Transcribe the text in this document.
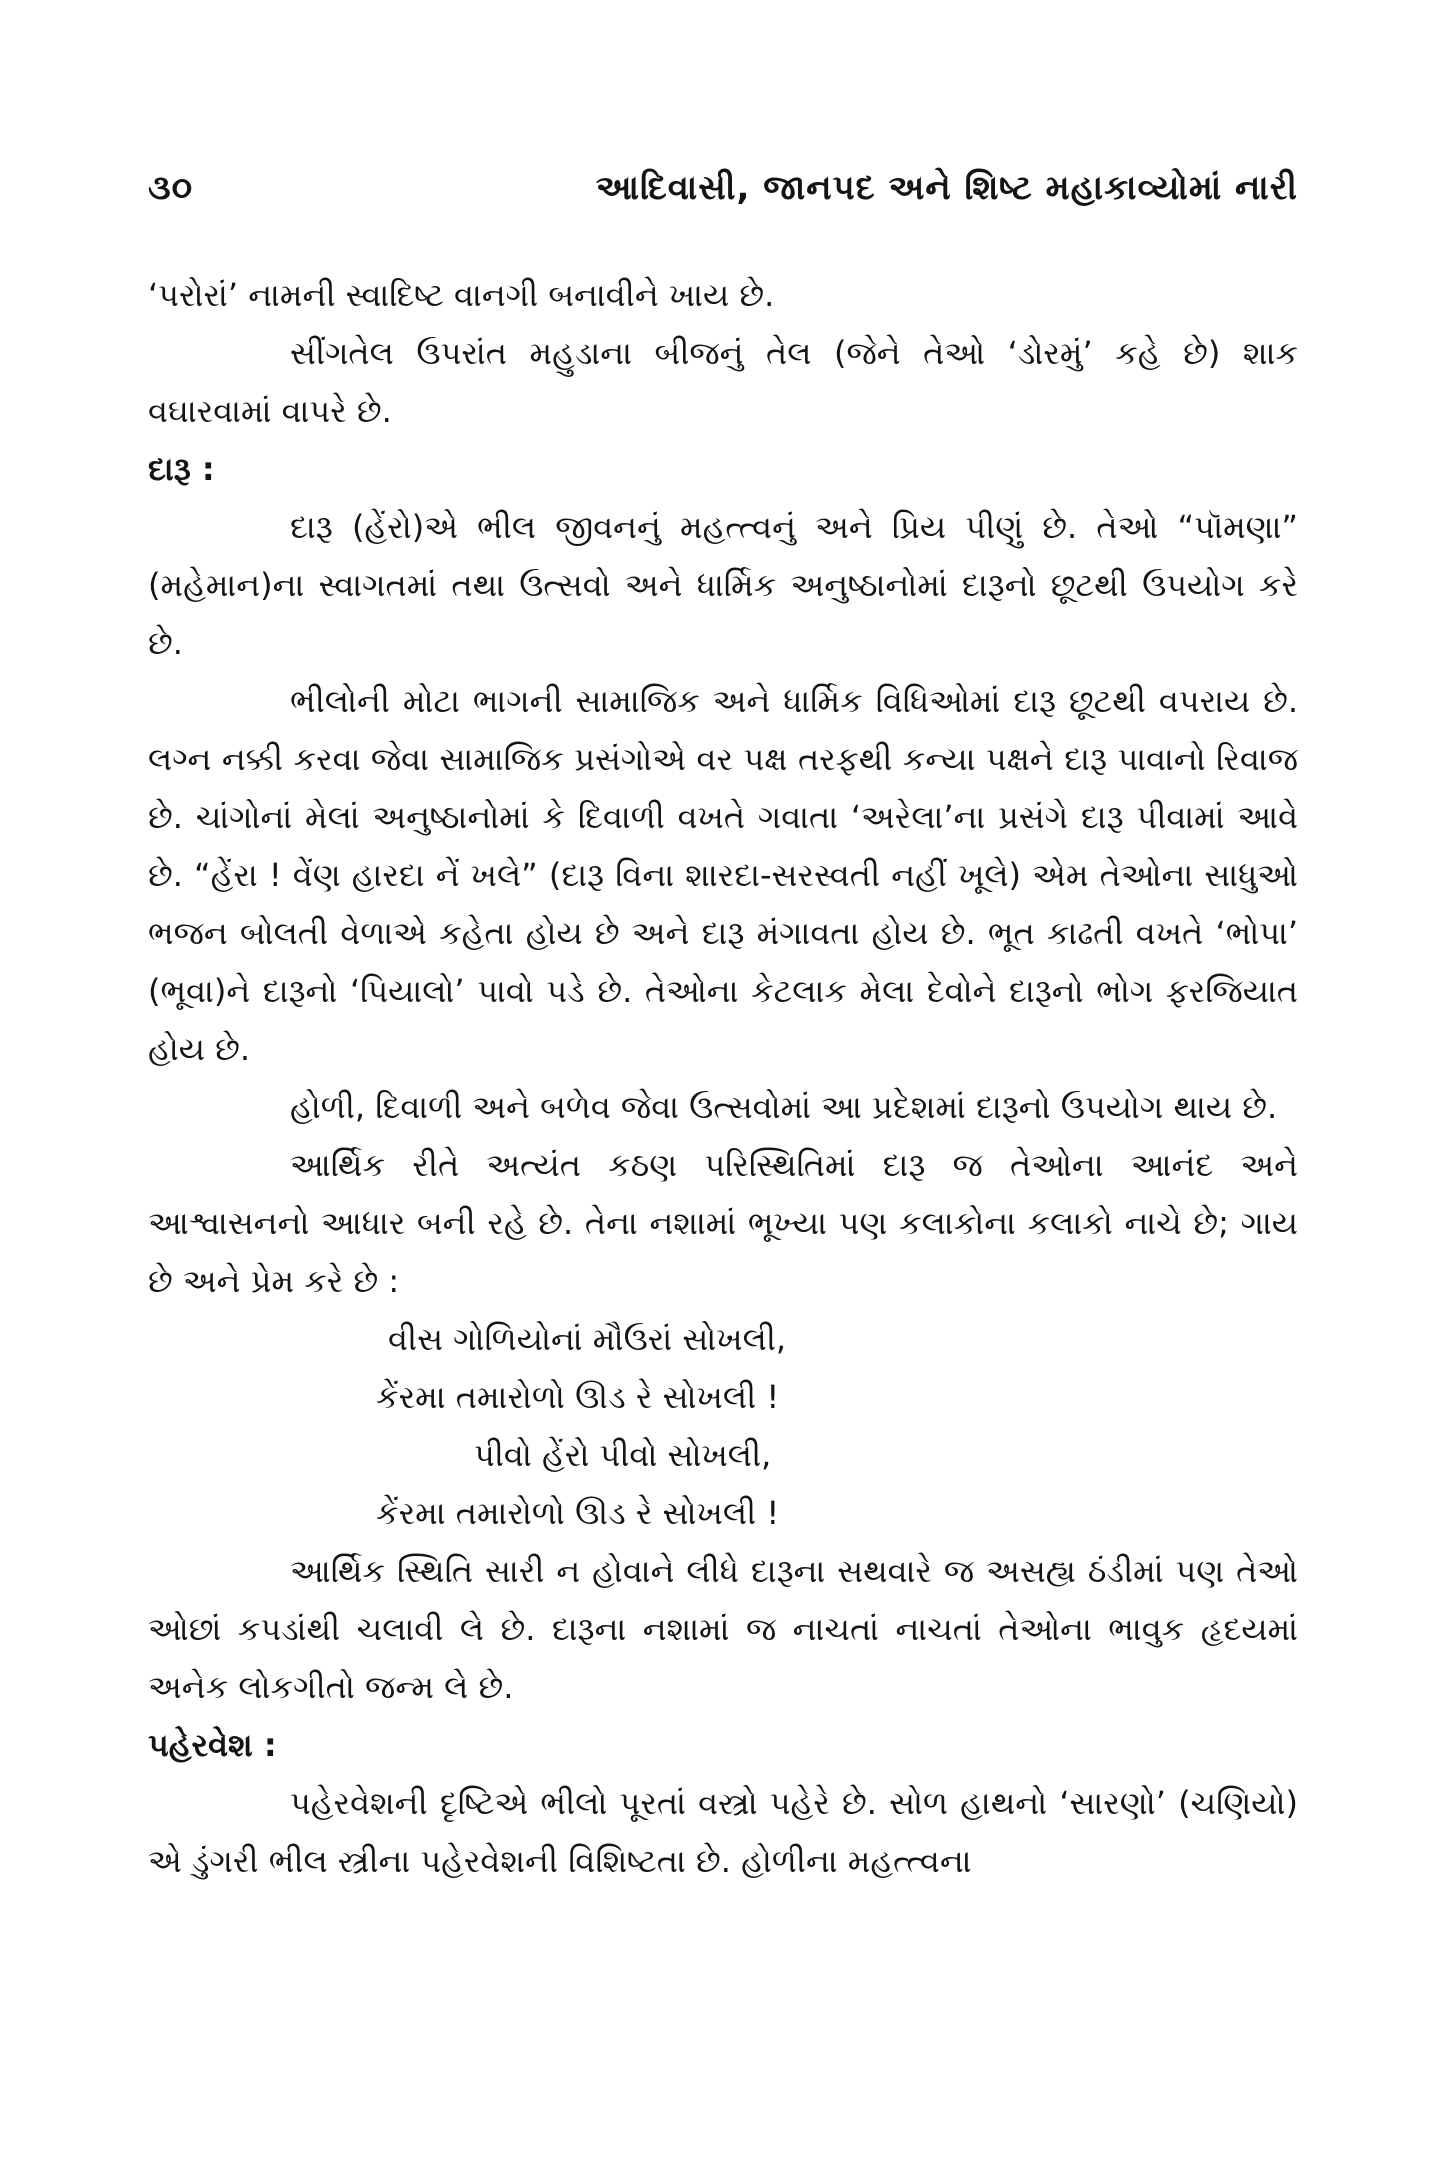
૩૦	આદિવાસી, જાનપદ અને શિષ્ટ મહાકાવ્યોમાં નારી

‘પરોરાં’ નામની સ્વાદિષ્ટ વાનગી બનાવીને ખાય છે.

સીંગતેલ ઉપરાંત મહુડાના બીજનું તેલ (જેને તેઓ ‘ડોરમું’ કહે છે) શાક વઘારવામાં વાપરે છે.

દારૂ :

દારૂ (હેંરો)એ ભીલ જીવનનું મહત્ત્વનું અને પ્રિય પીણું છે. તેઓ “પૉમણા” (મહેમાન)ના સ્વાગતમાં તથા ઉત્સવો અને ધાર્મિક અનુષ્ઠાનોમાં દારૂનો છૂટથી ઉપયોગ કરે છે.

ભીલોની મોટા ભાગની સામાજિક અને ધાર્મિક વિધિઓમાં દારૂ છૂટથી વપરાય છે. લગ્ન નક્કી કરવા જેવા સામાજિક પ્રસંગોએ વર પક્ષ તરફથી કન્યા પક્ષને દારૂ પાવાનો રિવાજ છે. ચાંગોનાં મેલાં અનુષ્ઠાનોમાં કે દિવાળી વખતે ગવાતા ‘અરેલા’ના પ્રસંગે દારૂ પીવામાં આવે છે. “હેંરા ! વેંણ હારદા નેં ખલે” (દારૂ વિના શારદા-સરસ્વતી નહીં ખૂલે) એમ તેઓના સાધુઓ ભજન બોલતી વેળાએ કહેતા હોય છે અને દારૂ મંગાવતા હોય છે. ભૂત કાઢતી વખતે ‘ભોપા’ (ભૂવા)ને દારૂનો ‘પિયાલો’ પાવો પડે છે. તેઓના કેટલાક મેલા દેવોને દારૂનો ભોગ ફરજિયાત હોય છે.

હોળી, દિવાળી અને બળેવ જેવા ઉત્સવોમાં આ પ્રદેશમાં દારૂનો ઉપયોગ થાય છે.

આર્થિક રીતે અત્યંત કઠણ પરિસ્થિતિમાં દારૂ જ તેઓના આનંદ અને આશ્વાસનનો આધાર બની રહે છે. તેના નશામાં ભૂખ્યા પણ કલાકોના કલાકો નાચે છે; ગાય છે અને પ્રેમ કરે છે :

વીસ ગોળિયોનાં મૌઉરાં સોખલી,
કેંરમા તમારોળો ઊડ રે સોખલી !
પીવો હેંરો પીવો સોખલી,
કેંરમા તમારોળો ઊડ રે સોખલી !

આર્થિક સ્થિતિ સારી ન હોવાને લીધે દારૂના સથવારે જ અસહ્ય ઠંડીમાં પણ તેઓ ઓછાં કપડાંથી ચલાવી લે છે. દારૂના નશામાં જ નાચતાં નાચતાં તેઓના ભાવુક હૃદયમાં અનેક લોકગીતો જન્મ લે છે.

પહેરવેશ :

પહેરવેશની દૃષ્ટિએ ભીલો પૂરતાં વસ્ત્રો પહેરે છે. સોળ હાથનો ‘સારણો’ (ચણિયો) એ ડુંગરી ભીલ સ્ત્રીના પહેરવેશની વિશિષ્ટતા છે. હોળીના મહત્ત્વના
